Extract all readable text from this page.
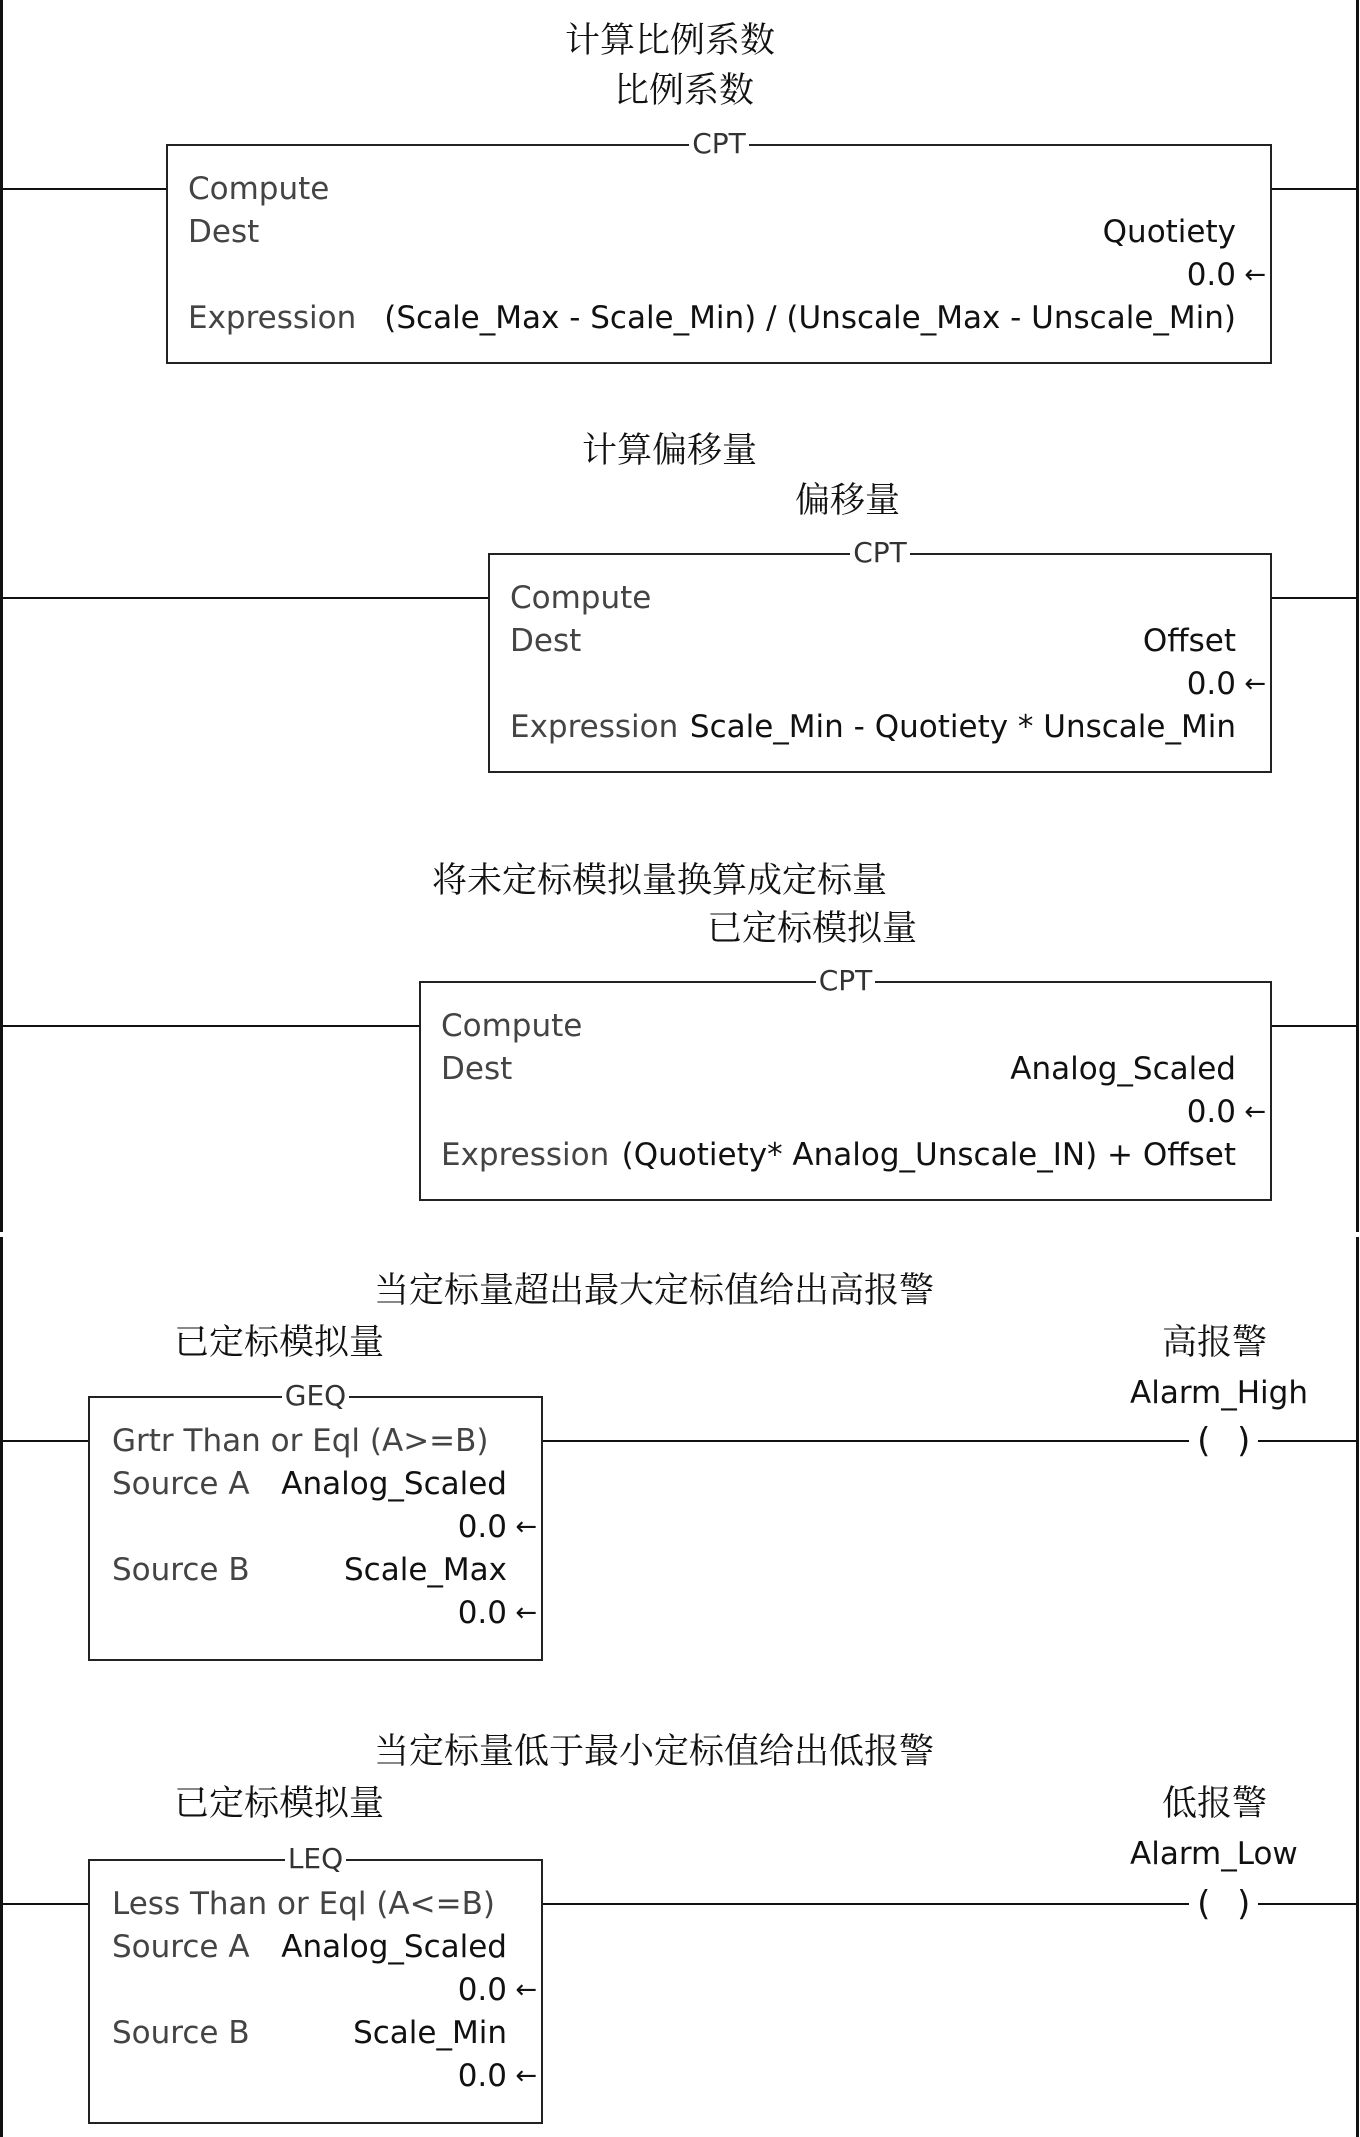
计算比例系数
比例系数
CPT
Compute
Dest	Quotiety
0.0 ←
Expression (Scale_Max - Scale_Min) / (Unscale_Max - Unscale_Min)
计算偏移量
偏移量
CPT
Compute
Dest	Offset
0.0 ←
Expression Scale_Min - Quotiety * Unscale_Min
将未定标模拟量换算成定标量
已定标模拟量
CPT
Compute
Dest	Analog_Scaled
0.0 ←
Expression (Quotiety* Analog_Unscale_IN) + Offset
当定标量超出最大定标值给出高报警
已定标模拟量	高报警
Alarm_High
( )
GEQ
Grtr Than or Eql (A>=B)
Source A Analog_Scaled
0.0 ←
Source B	Scale_Max
0.0 ←
当定标量低于最小定标值给出低报警
已定标模拟量	低报警
Alarm_Low
( )
LEQ
Less Than or Eql (A<=B)
Source A Analog_Scaled
0.0 ←
Source B	Scale_Min
0.0 ←
